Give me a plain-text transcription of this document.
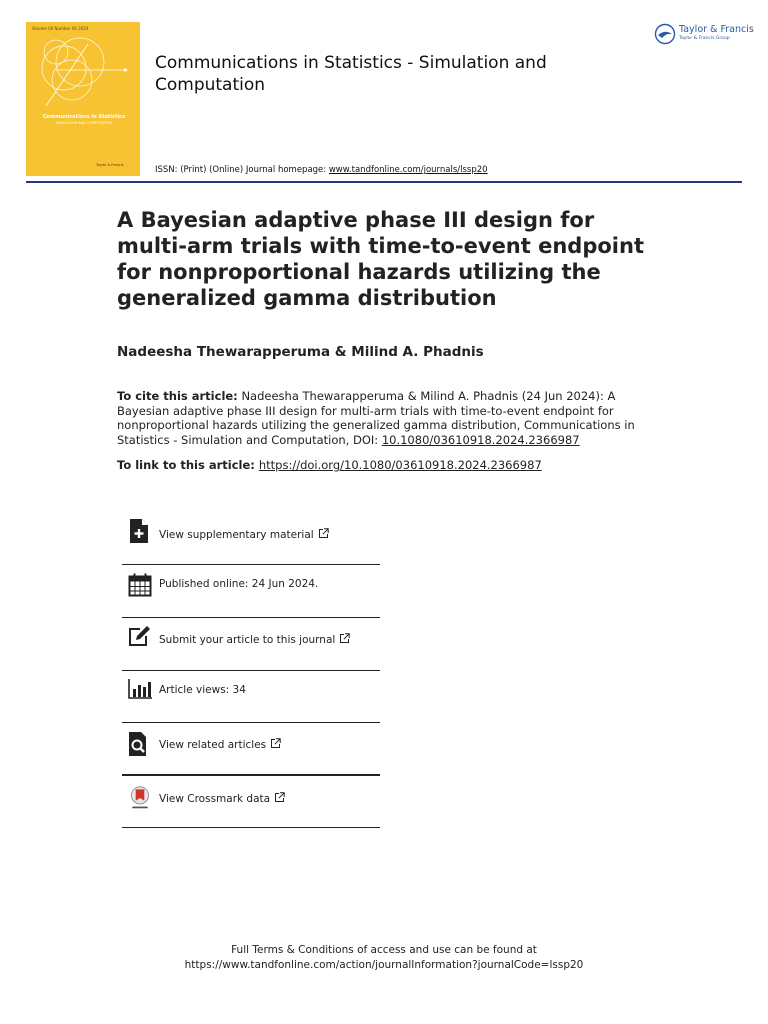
Volume 00 Number 00 2024
Communications in Statistics
SIMULATION AND COMPUTATION
Taylor & Francis
Communications in Statistics - Simulation and Computation
Taylor & Francis
Taylor & Francis Group
ISSN: (Print) (Online) Journal homepage: www.tandfonline.com/journals/lssp20
A Bayesian adaptive phase III design for multi-arm trials with time-to-event endpoint for nonproportional hazards utilizing the generalized gamma distribution
Nadeesha Thewarapperuma & Milind A. Phadnis
To cite this article: Nadeesha Thewarapperuma & Milind A. Phadnis (24 Jun 2024): A Bayesian adaptive phase III design for multi-arm trials with time-to-event endpoint for nonproportional hazards utilizing the generalized gamma distribution, Communications in Statistics - Simulation and Computation, DOI: 10.1080/03610918.2024.2366987
To link to this article: https://doi.org/10.1080/03610918.2024.2366987
View supplementary material
Published online: 24 Jun 2024.
Submit your article to this journal
Article views: 34
View related articles
View Crossmark data
Full Terms & Conditions of access and use can be found at
https://www.tandfonline.com/action/journalInformation?journalCode=lssp20
